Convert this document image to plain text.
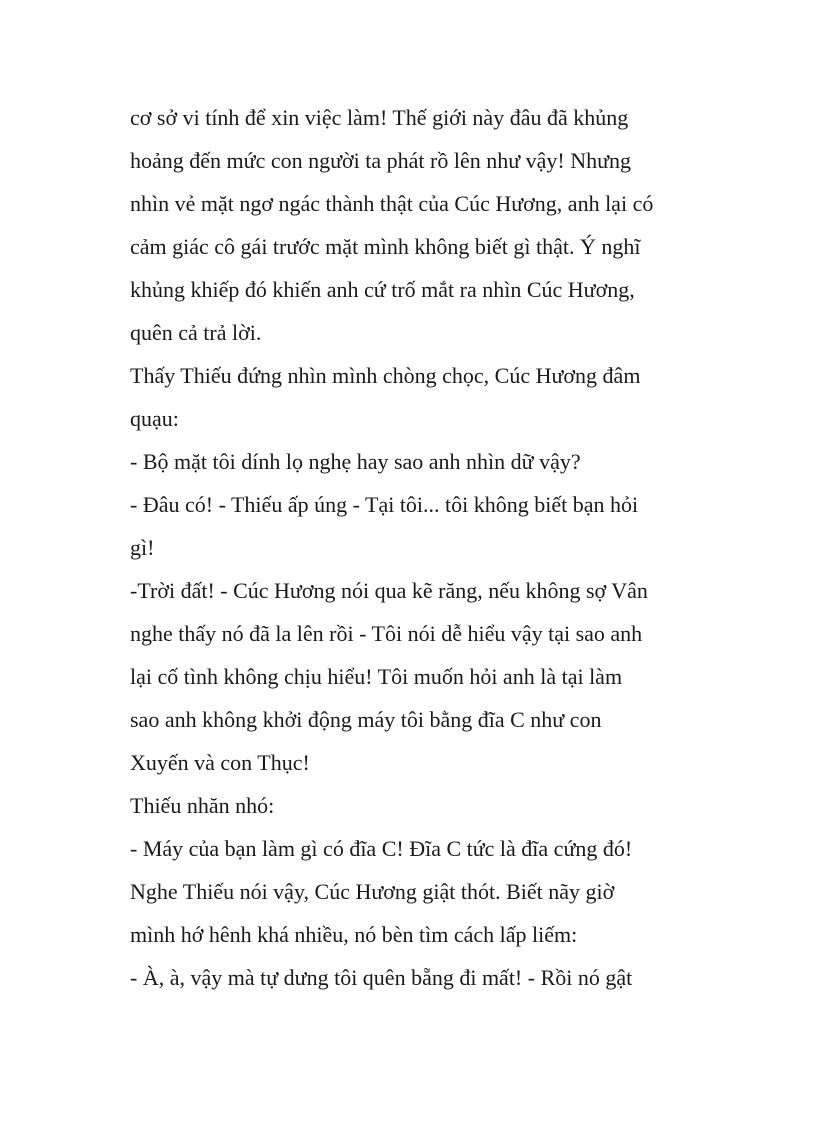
cơ sở vi tính để xin việc làm! Thế giới này đâu đã khủng
hoảng đến mức con người ta phát rồ lên như vậy! Nhưng
nhìn vẻ mặt ngơ ngác thành thật của Cúc Hương, anh lại có
cảm giác cô gái trước mặt mình không biết gì thật. Ý nghĩ
khủng khiếp đó khiến anh cứ trố mắt ra nhìn Cúc Hương,
quên cả trả lời.
Thấy Thiếu đứng nhìn mình chòng chọc, Cúc Hương đâm
quạu:
- Bộ mặt tôi dính lọ nghẹ hay sao anh nhìn dữ vậy?
- Đâu có! - Thiếu ấp úng - Tại tôi... tôi không biết bạn hỏi
gì!
-Trời đất! - Cúc Hương nói qua kẽ răng, nếu không sợ Vân
nghe thấy nó đã la lên rồi - Tôi nói dễ hiểu vậy tại sao anh
lại cố tình không chịu hiểu! Tôi muốn hỏi anh là tại làm
sao anh không khởi động máy tôi bằng đĩa C như con
Xuyến và con Thục!
Thiếu nhăn nhó:
- Máy của bạn làm gì có đĩa C! Đĩa C tức là đĩa cứng đó!
Nghe Thiếu nói vậy, Cúc Hương giật thót. Biết nãy giờ
mình hớ hênh khá nhiều, nó bèn tìm cách lấp liếm:
- À, à, vậy mà tự dưng tôi quên bẵng đi mất! - Rồi nó gật
